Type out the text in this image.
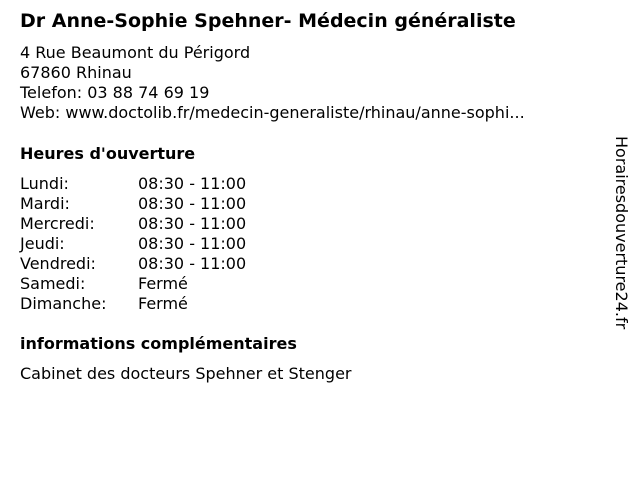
Dr Anne-Sophie Spehner- Médecin généraliste
4 Rue Beaumont du Périgord
67860 Rhinau
Telefon: 03 88 74 69 19
Web: www.doctolib.fr/medecin-generaliste/rhinau/anne-sophi...
Heures d'ouverture
Lundi:	08:30 - 11:00
Mardi:	08:30 - 11:00
Mercredi:	08:30 - 11:00
Jeudi:	08:30 - 11:00
Vendredi:	08:30 - 11:00
Samedi:	Fermé
Dimanche: Fermé
informations complémentaires
Cabinet des docteurs Spehner et Stenger
Horairesdouverture24.fr
